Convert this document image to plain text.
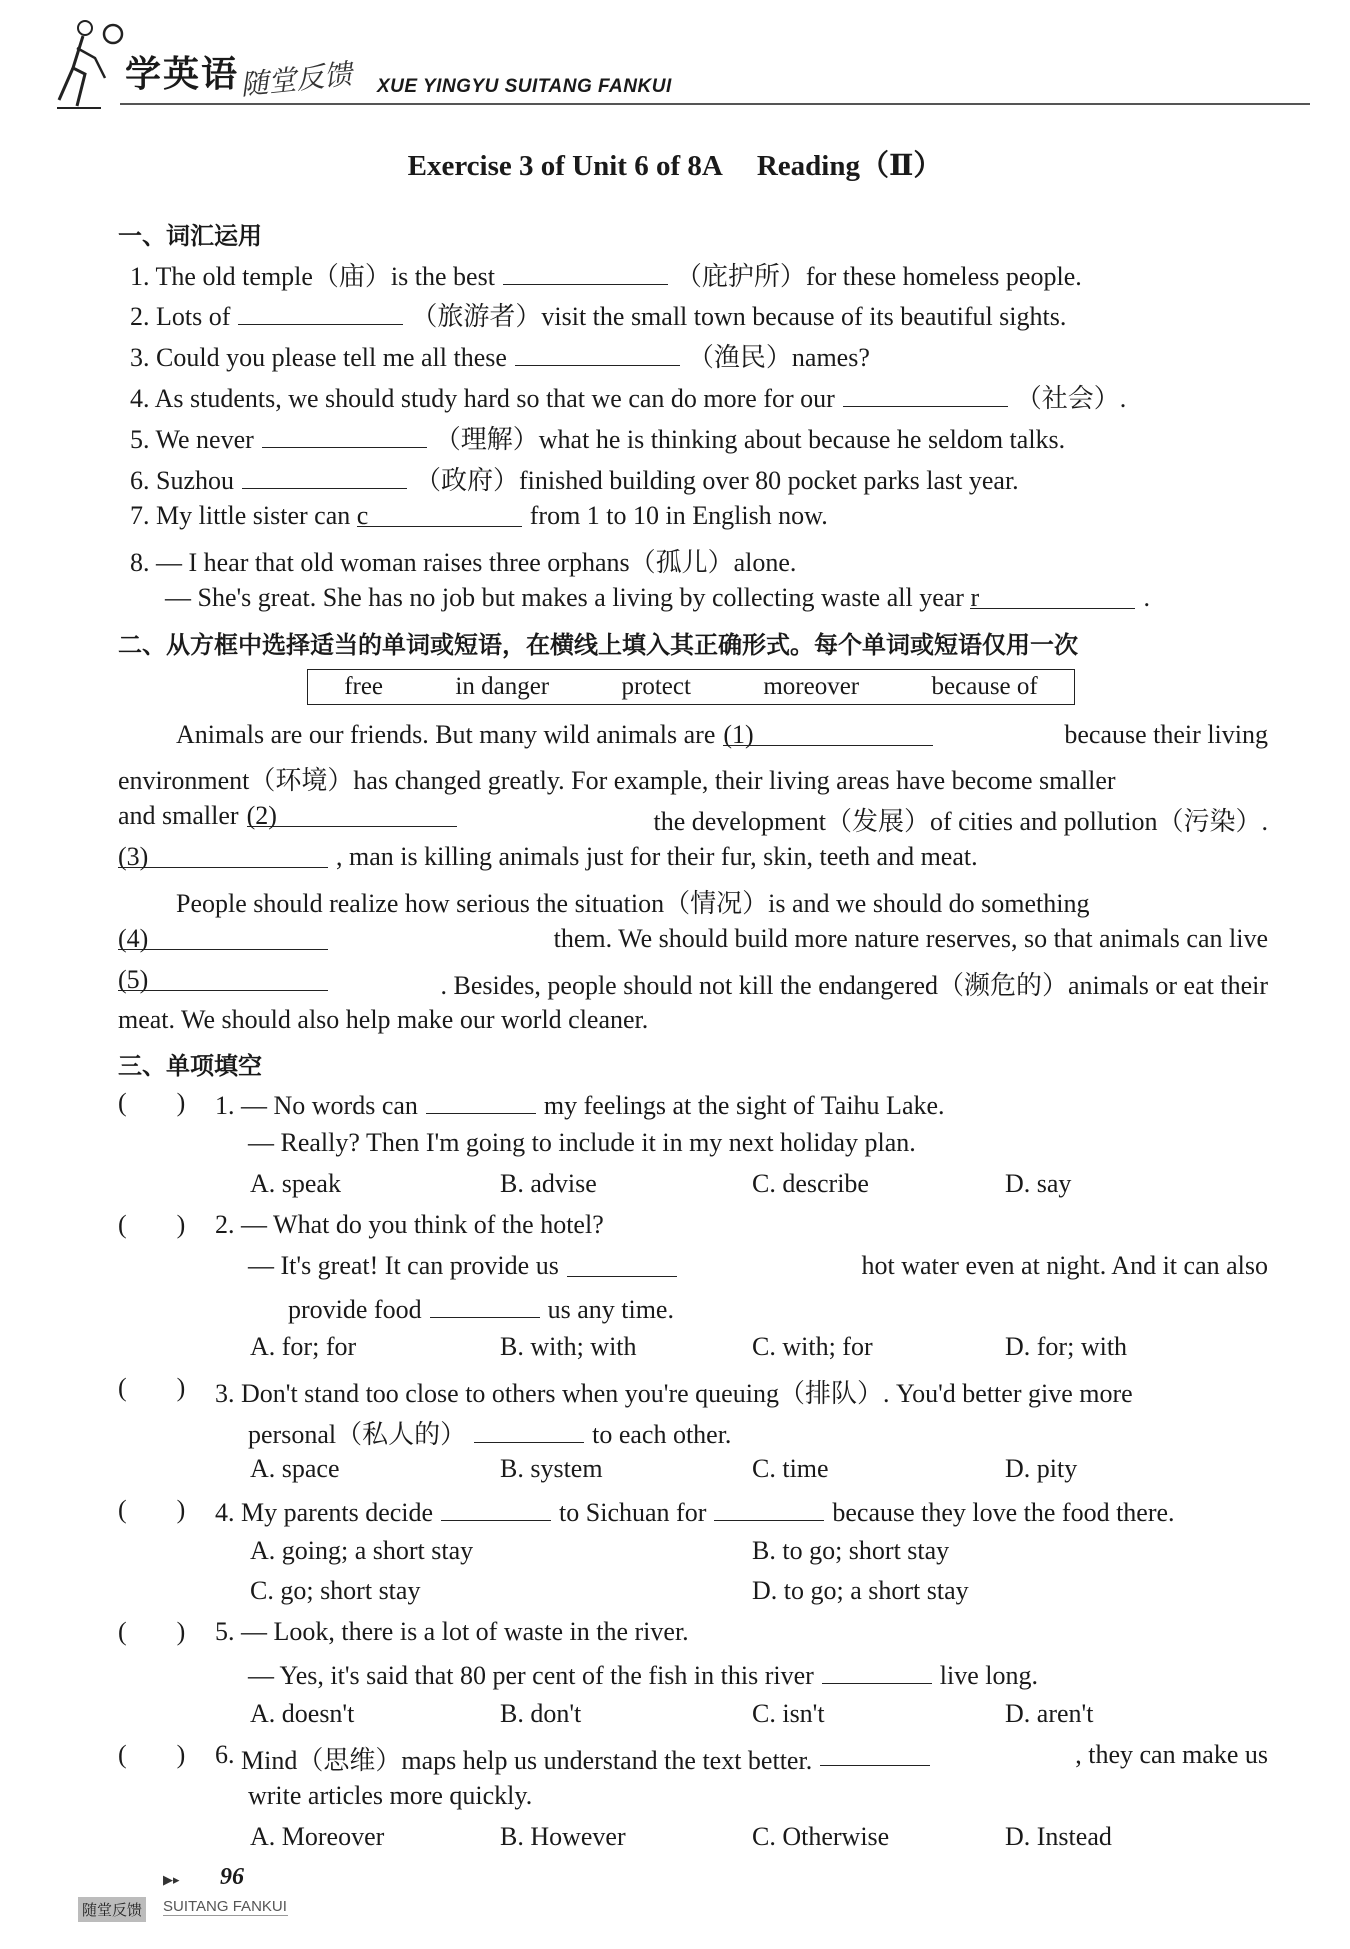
学英语 随堂反馈 XUE YINGYU SUITANG FANKUI
Exercise 3 of Unit 6 of 8A Reading（Ⅱ）
一、词汇运用
1. The old temple（庙）is the best	（庇护所）for these homeless people.
2. Lots of	（旅游者）visit the small town because of its beautiful sights.
3. Could you please tell me all these	（渔民）names?
4. As students, we should study hard so that we can do more for our	（社会）.
5. We never	（理解）what he is thinking about because he seldom talks.
6. Suzhou	（政府）finished building over 80 pocket parks last year.
7. My little sister can c	from 1 to 10 in English now.
8. — I hear that old woman raises three orphans（孤儿）alone.
— She's great. She has no job but makes a living by collecting waste all year r	.
二、从方框中选择适当的单词或短语，在横线上填入其正确形式。每个单词或短语仅用一次
free	in danger	protect	moreover	because of
Animals are our friends. But many wild animals are (1)	because their living
environment（环境）has changed greatly. For example, their living areas have become smaller
and smaller (2)	the development（发展）of cities and pollution（污染）.
(3)	, man is killing animals just for their fur, skin, teeth and meat.
People should realize how serious the situation（情况）is and we should do something
(4)	them. We should build more nature reserves, so that animals can live
(5)	. Besides, people should not kill the endangered（濒危的）animals or eat their
meat. We should also help make our world cleaner.
三、单项填空
( ) 1. — No words can	my feelings at the sight of Taihu Lake.
— Really? Then I'm going to include it in my next holiday plan.
A. speak	B. advise	C. describe	D. say
( ) 2. — What do you think of the hotel?
— It's great! It can provide us	hot water even at night. And it can also
provide food	us any time.
A. for; for	B. with; with	C. with; for	D. for; with
( ) 3. Don't stand too close to others when you're queuing（排队）. You'd better give more
personal（私人的）	to each other.
A. space	B. system	C. time	D. pity
( ) 4. My parents decide	to Sichuan for	because they love the food there.
A. going; a short stay	B. to go; short stay
C. go; short stay	D. to go; a short stay
( ) 5. — Look, there is a lot of waste in the river.
— Yes, it's said that 80 per cent of the fish in this river	live long.
A. doesn't	B. don't	C. isn't	D. aren't
( ) 6.
Mind（思维）maps help us understand the text better.	, they can make us
write articles more quickly.
A. Moreover	B. However	C. Otherwise	D. Instead
▶▸ 96
随堂反馈 SUITANG FANKUI
